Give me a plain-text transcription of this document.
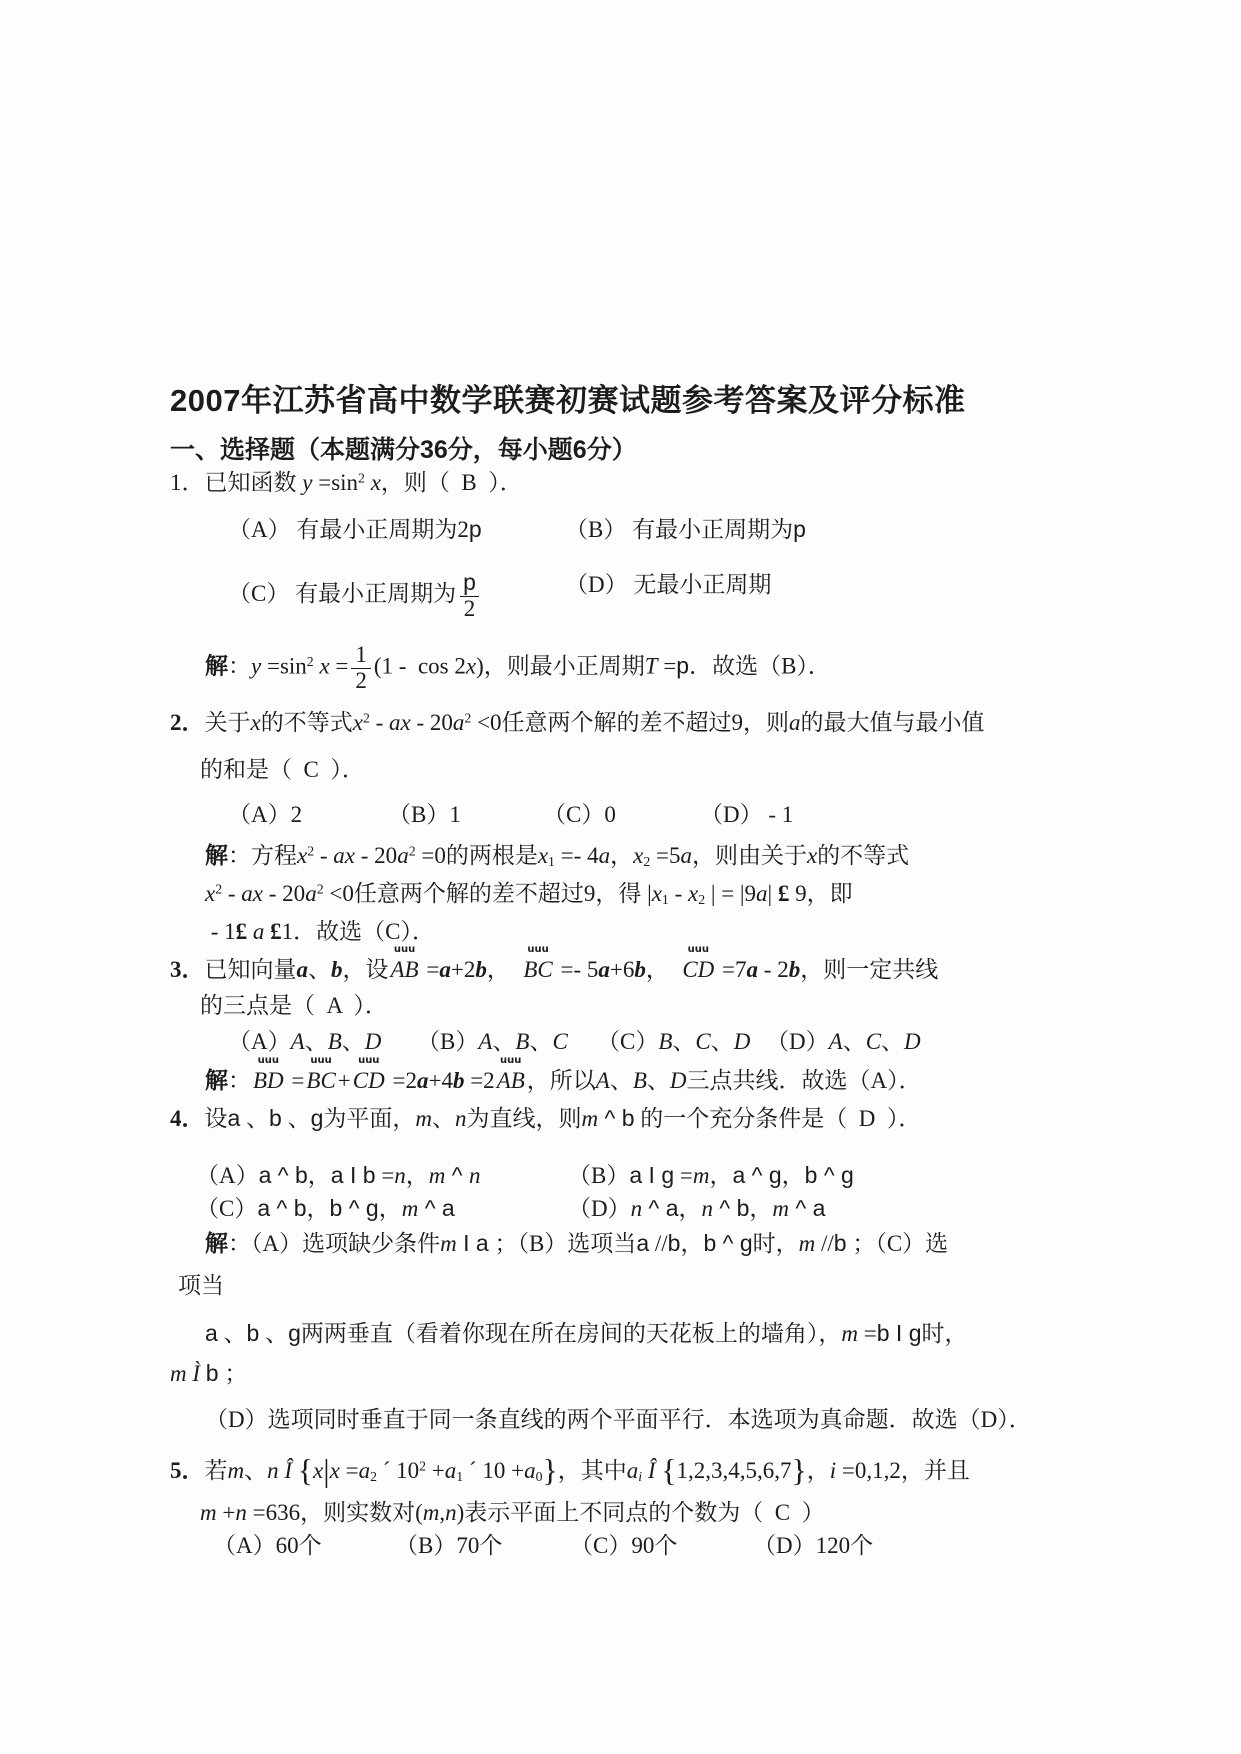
2007年江苏省高中数学联赛初赛试题参考答案及评分标准
一、选择题（本题满分36分，每小题6分）
1．已知函数 $y =\sin^2$ x，则（  B  ）．
（A） 有最小正周期为2p	（B） 有最小正周期为p
（C） 有最小正周期为 $\frac{p}{2}$	（D） 无最小正周期
解：$y =\sin^2$ $x = \frac{1}{2} (1 - \cos 2x)$，则最小正周期T =p．故选（B）．
2．关于x的不等式$x^2$ - ax - $20a^2 <0$任意两个解的差不超过9，则a的最大值与最小值
的和是（  C  ）．
（A）2	（B）1	（C）0	（D） - 1
解：方程$x^2$ - ax - $20a^2 =0$的两根是x1 =- 4a，x2 =5a，则由关于x的不等式
$x^2$ - ax - $20a^2 <0$任意两个解的差不超过9，得 |x1 - x2 | = |9a| £ 9，即
- 1£ a £1．故选（C）．
3．已知向量a、b，设
uuu
AB =a+2b，
uuu
BC =- 5a+6b，
uuu
CD =7a - 2b，则一定共线
的三点是（  A  ）．
（A）A、B、D （B）A、B、C （C）B、C、D （D）A、C、D
解：
uuu
BD =
uuu
BC+
uuu
CD =2a+4b =2
uuu
AB，所以A、B、D三点共线．故选（A）．
4．设a 、b 、g为平面，m、n为直线，则m ^ b 的一个充分条件是（  D  ）．
（A）a ^ b，a I b =n，m ^ n	（B）a I g =m，a ^ g，b ^ g
（C）a ^ b，b ^ g，m ^ a	（D）n ^ a，n ^ b，m ^ a
解：（A）选项缺少条件m I a ；（B）选项当a //b，b ^ g时，m //b ；（C）选
项当
a 、b 、g两两垂直（看着你现在所在房间的天花板上的墙角），m =b I g时，
m Ì b ；
（D）选项同时垂直于同一条直线的两个平面平行．本选项为真命题．故选（D）．
5．若m、n Î {x|x =a2 ´ $10^2 +a1$ ´ 10 +a0}，其中ai Î {1,2,3,4,5,6,7}，i =0,1,2，并且
m +n =636，则实数对(m,n)表示平面上不同点的个数为（  C  ）
（A）60个	（B）70个	（C）90个	（D）120个
